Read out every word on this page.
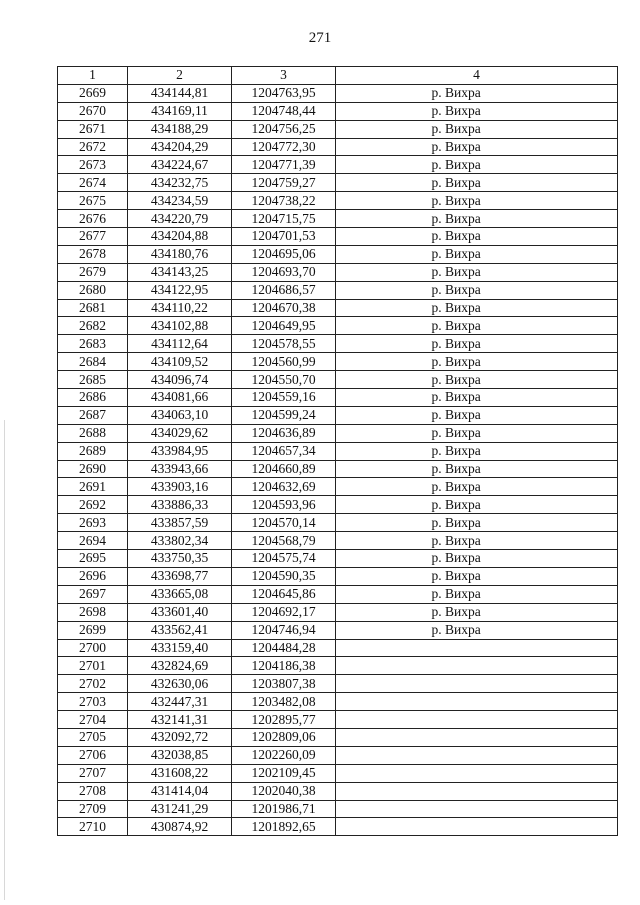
271
1	2	3	4
2669	434144,81	1204763,95	р. Вихра
2670	434169,11	1204748,44	р. Вихра
2671	434188,29	1204756,25	р. Вихра
2672	434204,29	1204772,30	р. Вихра
2673	434224,67	1204771,39	р. Вихра
2674	434232,75	1204759,27	р. Вихра
2675	434234,59	1204738,22	р. Вихра
2676	434220,79	1204715,75	р. Вихра
2677	434204,88	1204701,53	р. Вихра
2678	434180,76	1204695,06	р. Вихра
2679	434143,25	1204693,70	р. Вихра
2680	434122,95	1204686,57	р. Вихра
2681	434110,22	1204670,38	р. Вихра
2682	434102,88	1204649,95	р. Вихра
2683	434112,64	1204578,55	р. Вихра
2684	434109,52	1204560,99	р. Вихра
2685	434096,74	1204550,70	р. Вихра
2686	434081,66	1204559,16	р. Вихра
2687	434063,10	1204599,24	р. Вихра
2688	434029,62	1204636,89	р. Вихра
2689	433984,95	1204657,34	р. Вихра
2690	433943,66	1204660,89	р. Вихра
2691	433903,16	1204632,69	р. Вихра
2692	433886,33	1204593,96	р. Вихра
2693	433857,59	1204570,14	р. Вихра
2694	433802,34	1204568,79	р. Вихра
2695	433750,35	1204575,74	р. Вихра
2696	433698,77	1204590,35	р. Вихра
2697	433665,08	1204645,86	р. Вихра
2698	433601,40	1204692,17	р. Вихра
2699	433562,41	1204746,94	р. Вихра
2700	433159,40	1204484,28	
2701	432824,69	1204186,38	
2702	432630,06	1203807,38	
2703	432447,31	1203482,08	
2704	432141,31	1202895,77	
2705	432092,72	1202809,06	
2706	432038,85	1202260,09	
2707	431608,22	1202109,45	
2708	431414,04	1202040,38	
2709	431241,29	1201986,71	
2710	430874,92	1201892,65	
